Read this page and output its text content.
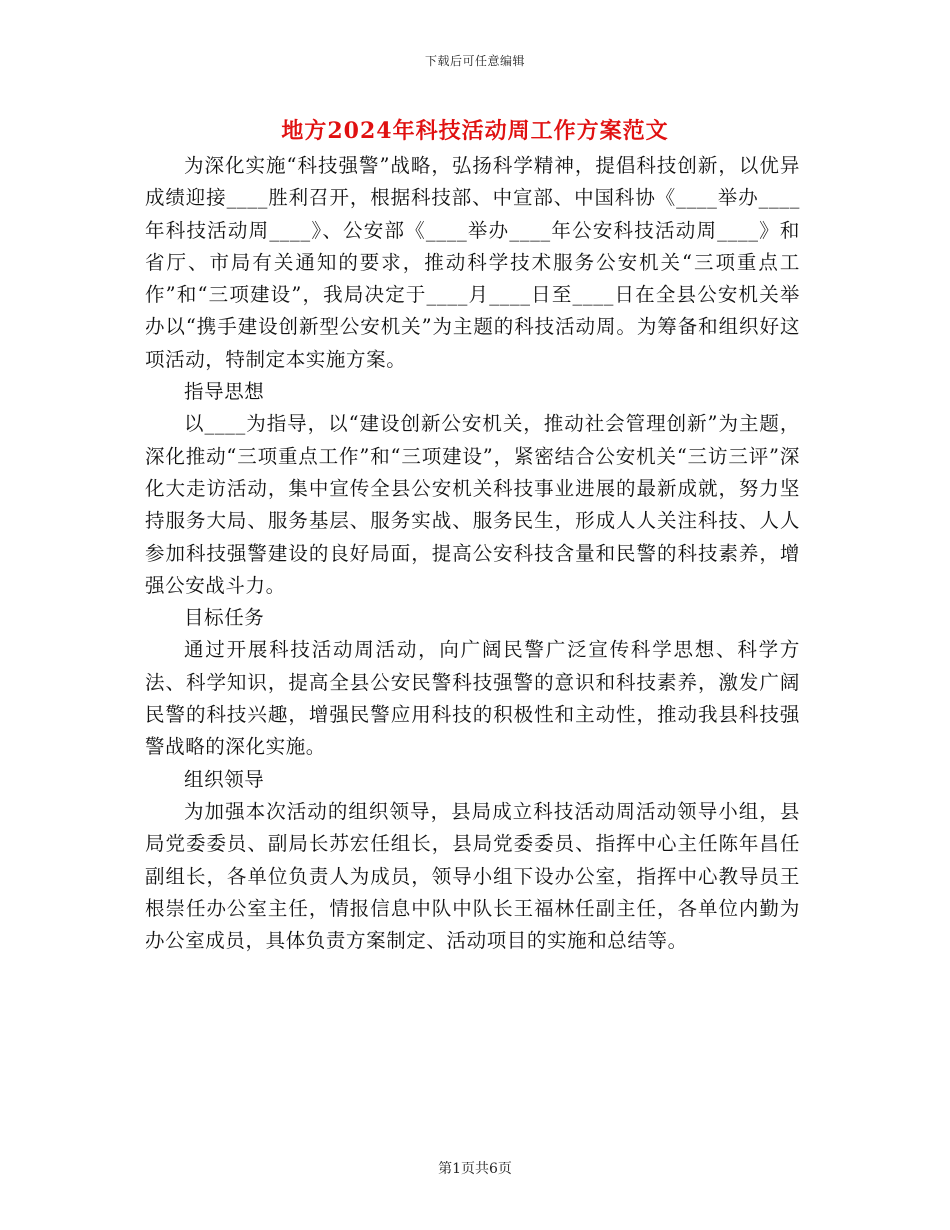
下载后可任意编辑
地方2024年科技活动周工作方案范文

为深化实施“科技强警”战略，弘扬科学精神，提倡科技创新，以优异成绩迎接____胜利召开，根据科技部、中宣部、中国科协《____举办____年科技活动周____》、公安部《____举办____年公安科技活动周____》和省厅、市局有关通知的要求，推动科学技术服务公安机关“三项重点工作”和“三项建设”，我局决定于____月____日至____日在全县公安机关举办以“携手建设创新型公安机关”为主题的科技活动周。为筹备和组织好这项活动，特制定本实施方案。

指导思想

以____为指导，以“建设创新公安机关，推动社会管理创新”为主题，深化推动“三项重点工作”和“三项建设”，紧密结合公安机关“三访三评”深化大走访活动，集中宣传全县公安机关科技事业进展的最新成就，努力坚持服务大局、服务基层、服务实战、服务民生，形成人人关注科技、人人参加科技强警建设的良好局面，提高公安科技含量和民警的科技素养，增强公安战斗力。

目标任务

通过开展科技活动周活动，向广阔民警广泛宣传科学思想、科学方法、科学知识，提高全县公安民警科技强警的意识和科技素养，激发广阔民警的科技兴趣，增强民警应用科技的积极性和主动性，推动我县科技强警战略的深化实施。

组织领导

为加强本次活动的组织领导，县局成立科技活动周活动领导小组，县局党委委员、副局长苏宏任组长，县局党委委员、指挥中心主任陈年昌任副组长，各单位负责人为成员，领导小组下设办公室，指挥中心教导员王根崇任办公室主任，情报信息中队中队长王福林任副主任，各单位内勤为办公室成员，具体负责方案制定、活动项目的实施和总结等。

第1页共6页
